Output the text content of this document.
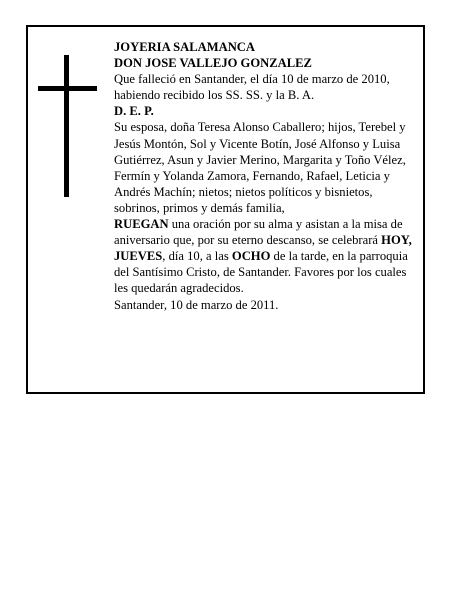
JOYERIA SALAMANCA

DON JOSE VALLEJO GONZALEZ

Que falleció en Santander, el día 10 de marzo de 2010, habiendo recibido los SS. SS. y la B. A.

D. E. P.

Su esposa, doña Teresa Alonso Caballero; hijos, Terebel y Jesús Montón, Sol y Vicente Botín, José Alfonso y Luisa Gutiérrez, Asun y Javier Merino, Margarita y Toño Vélez, Fermín y Yolanda Zamora, Fernando, Rafael, Leticia y Andrés Machín; nietos; nietos políticos y bisnietos, sobrinos, primos y demás familia,

RUEGAN una oración por su alma y asistan a la misa de aniversario que, por su eterno descanso, se celebrará HOY, JUEVES, día 10, a las OCHO de la tarde, en la parroquia del Santísimo Cristo, de Santander. Favores por los cuales les quedarán agradecidos.

Santander, 10 de marzo de 2011.
